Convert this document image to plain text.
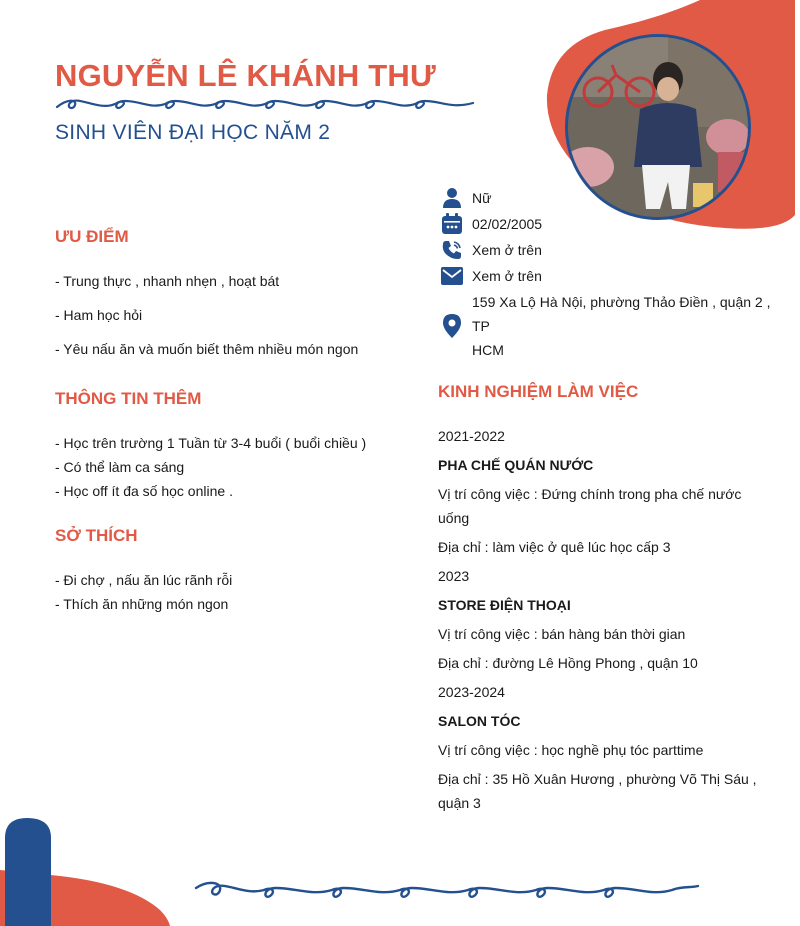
NGUYỄN LÊ KHÁNH THƯ
SINH VIÊN ĐẠI HỌC NĂM 2
Nữ
02/02/2005
Xem ở trên
Xem ở trên
159 Xa Lộ Hà Nội, phường Thảo Điền , quận 2 , TP
HCM
ƯU ĐIỂM
- Trung thực , nhanh nhẹn , hoạt bát
- Ham học hỏi
- Yêu nấu ăn và muốn biết thêm nhiều món ngon
THÔNG TIN THÊM
- Học trên trường 1 Tuần từ 3-4 buổi ( buổi chiều )
- Có thể làm ca sáng
- Học off ít đa số học online .
SỞ THÍCH
- Đi chợ , nấu ăn lúc rãnh rỗi
- Thích ăn những món ngon
KINH NGHIỆM LÀM VIỆC
2021-2022
PHA CHẾ QUÁN NƯỚC
Vị trí công việc : Đứng chính trong pha chế nước
uống
Địa chỉ : làm việc ở quê lúc học cấp 3
2023
STORE ĐIỆN THOẠI
Vị trí công việc : bán hàng bán thời gian
Địa chỉ : đường Lê Hồng Phong , quận 10
2023-2024
SALON TÓC
Vị trí công việc : học nghề phụ tóc parttime
Địa chỉ : 35 Hồ Xuân Hương , phường Võ Thị Sáu ,
quận 3
